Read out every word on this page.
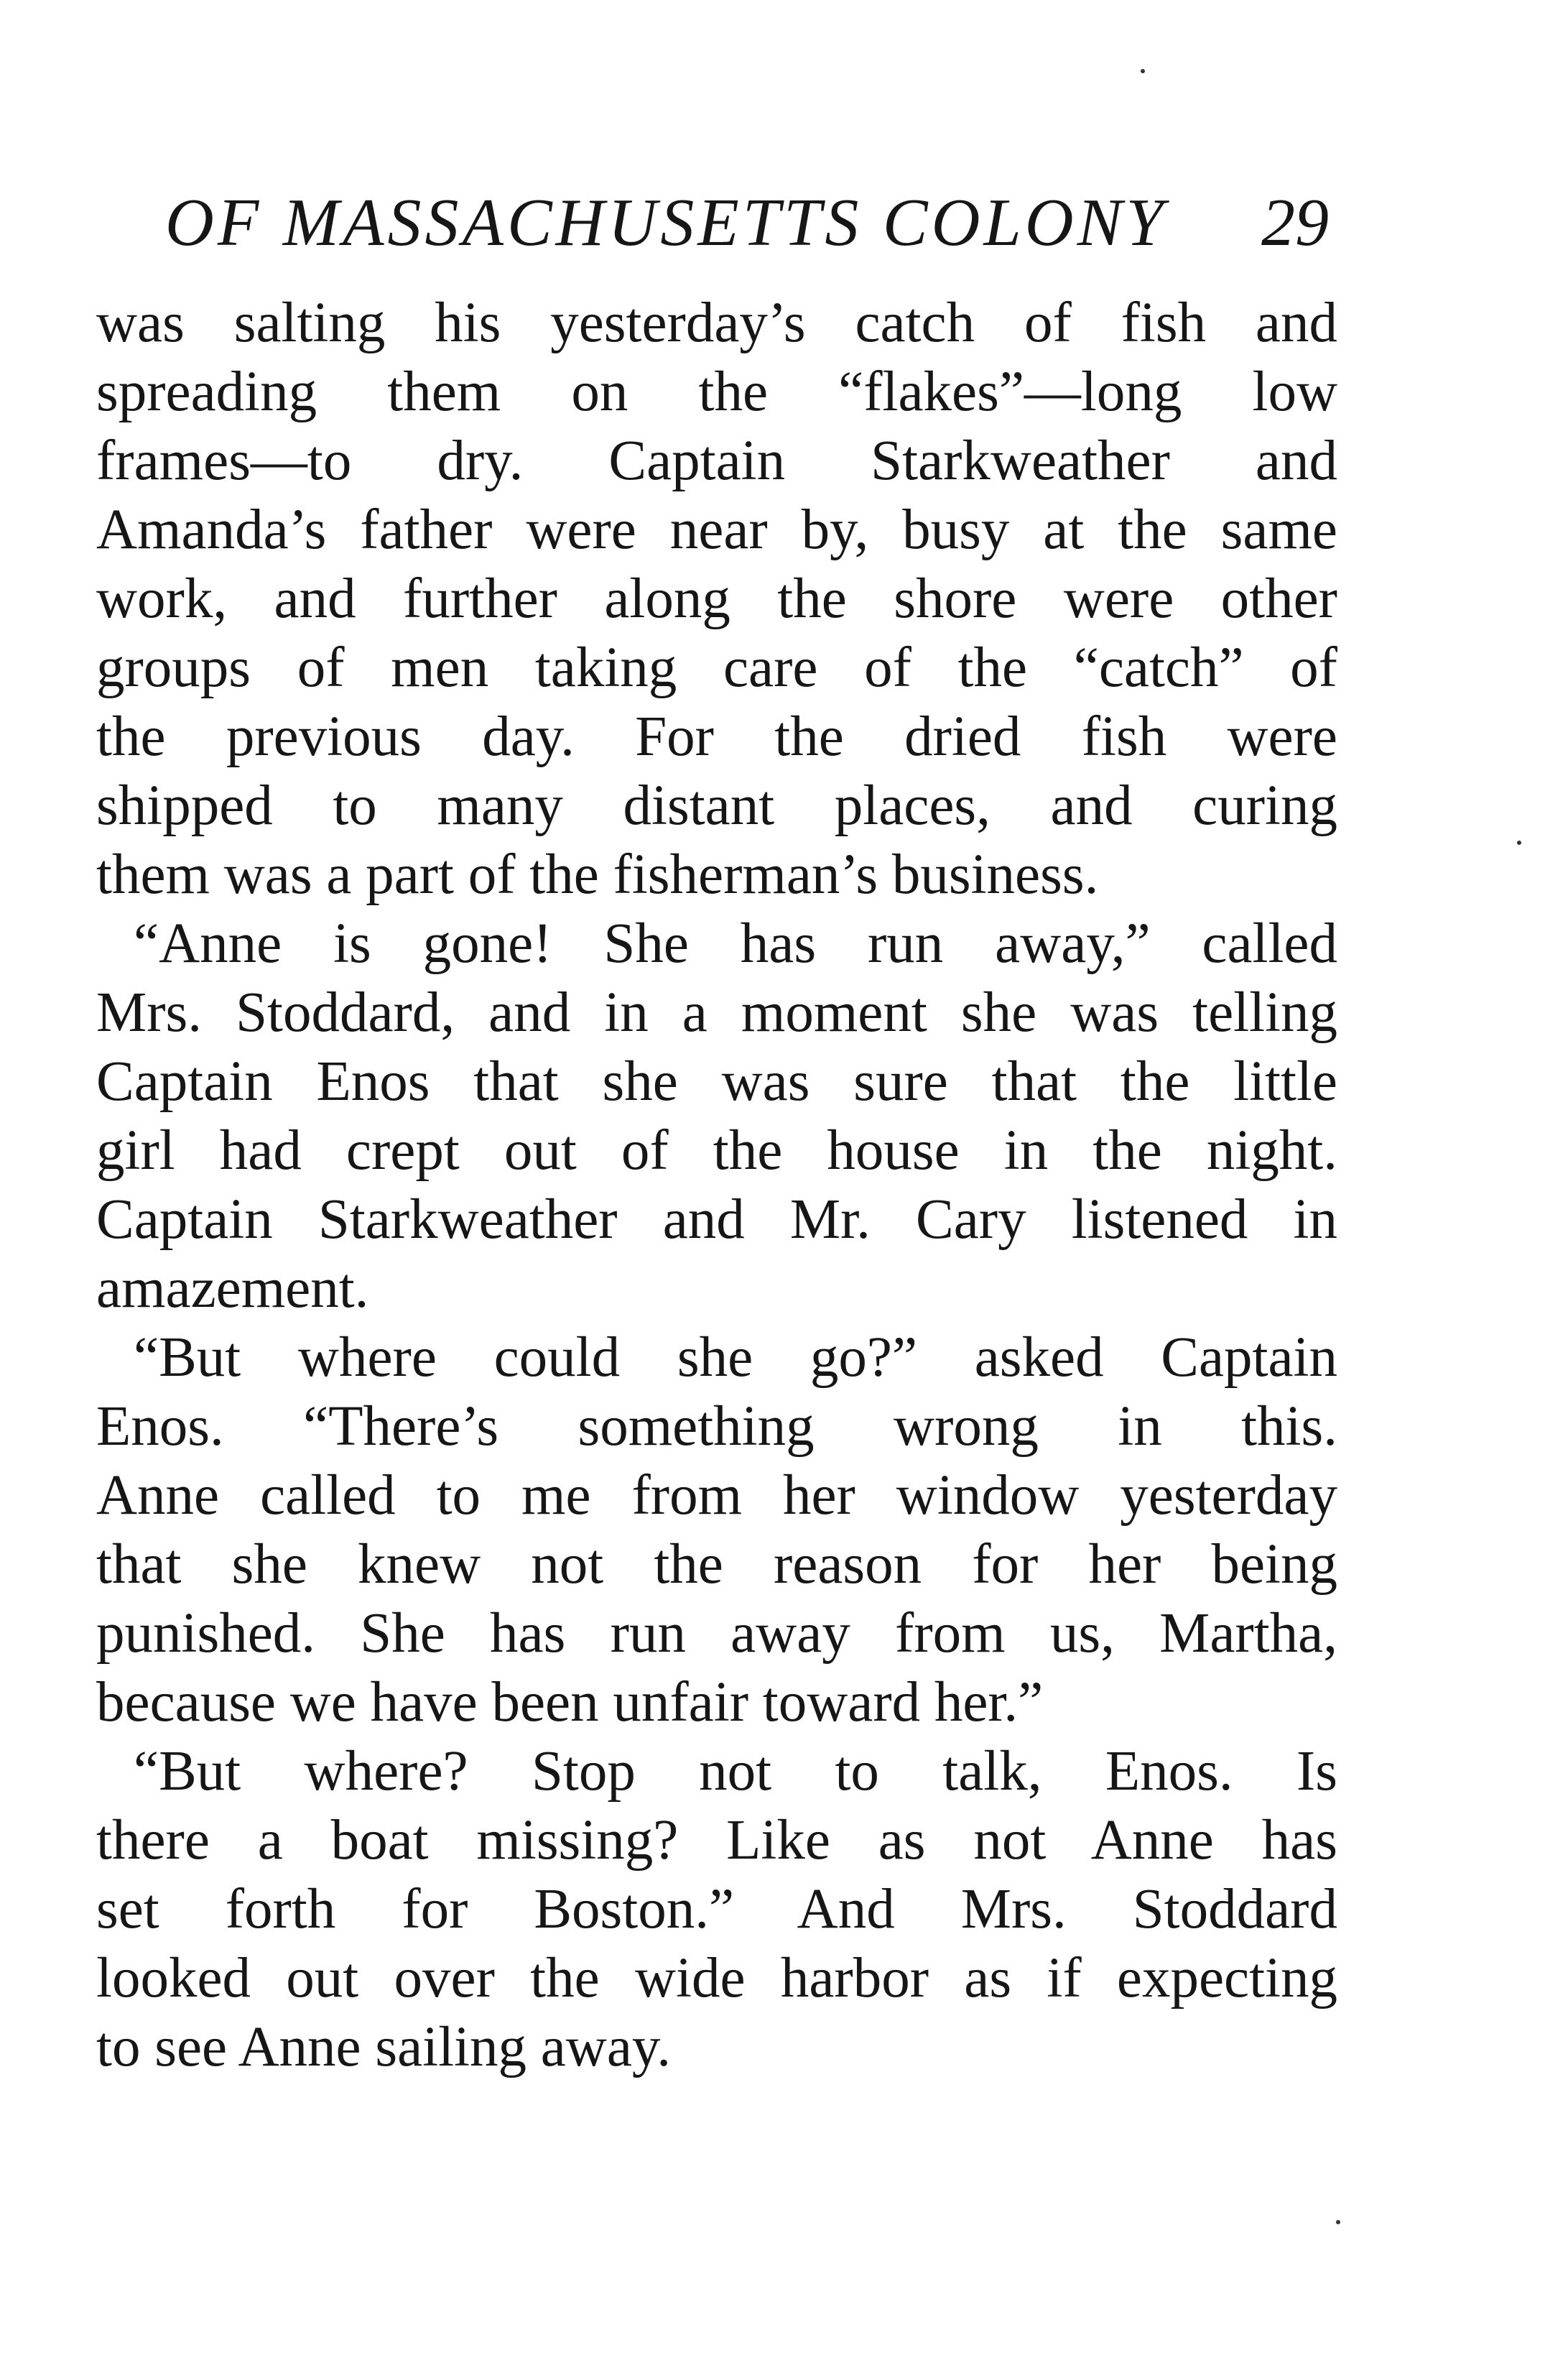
OF MASSACHUSETTS COLONY 29
was salting his yesterday’s catch of fish and
spreading them on the “flakes”—long low
frames—to dry. Captain Starkweather and
Amanda’s father were near by, busy at the same
work, and further along the shore were other
groups of men taking care of the “catch” of
the previous day. For the dried fish were
shipped to many distant places, and curing
them was a part of the fisherman’s business.
“Anne is gone! She has run away,” called
Mrs. Stoddard, and in a moment she was telling
Captain Enos that she was sure that the little
girl had crept out of the house in the night.
Captain Starkweather and Mr. Cary listened in
amazement.
“But where could she go?” asked Captain
Enos. “There’s something wrong in this.
Anne called to me from her window yesterday
that she knew not the reason for her being
punished. She has run away from us, Martha,
because we have been unfair toward her.”
“But where? Stop not to talk, Enos. Is
there a boat missing? Like as not Anne has
set forth for Boston.” And Mrs. Stoddard
looked out over the wide harbor as if expecting
to see Anne sailing away.
